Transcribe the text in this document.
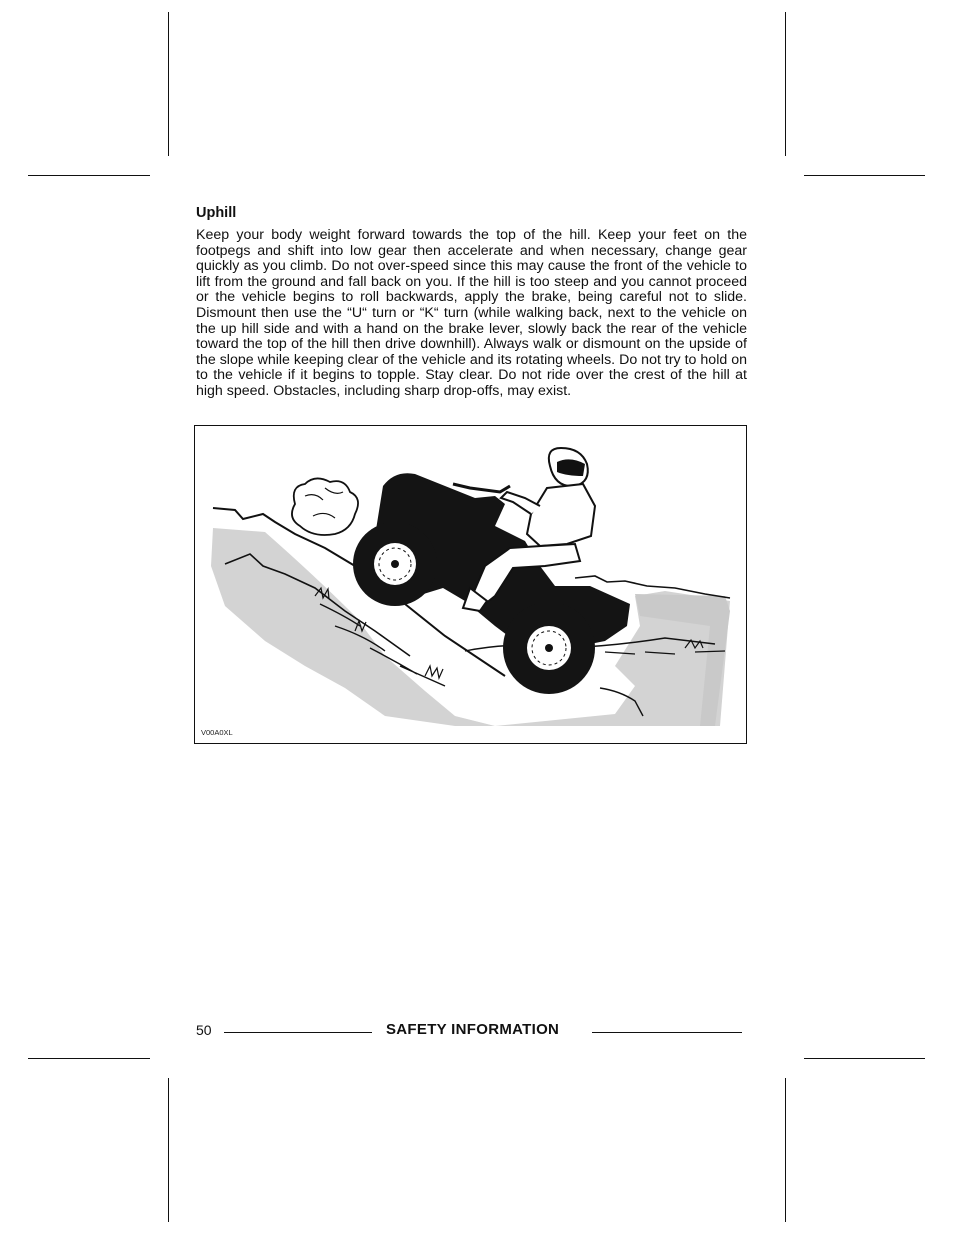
Uphill

Keep your body weight forward towards the top of the hill. Keep your feet on the footpegs and shift into low gear then accelerate and when necessary, change gear quickly as you climb. Do not over-speed since this may cause the front of the vehicle to lift from the ground and fall back on you. If the hill is too steep and you cannot proceed or the vehicle begins to roll backwards, apply the brake, being careful not to slide. Dismount then use the “U“ turn or “K“ turn (while walking back, next to the vehicle on the up hill side and with a hand on the brake lever, slowly back the rear of the vehicle toward the top of the hill then drive downhill). Always walk or dismount on the upside of the slope while keeping clear of the vehicle and its rotating wheels. Do not try to hold on to the vehicle if it begins to topple. Stay clear. Do not ride over the crest of the hill at high speed. Obstacles, including sharp drop-offs, may exist.

V00A0XL
50	SAFETY INFORMATION
